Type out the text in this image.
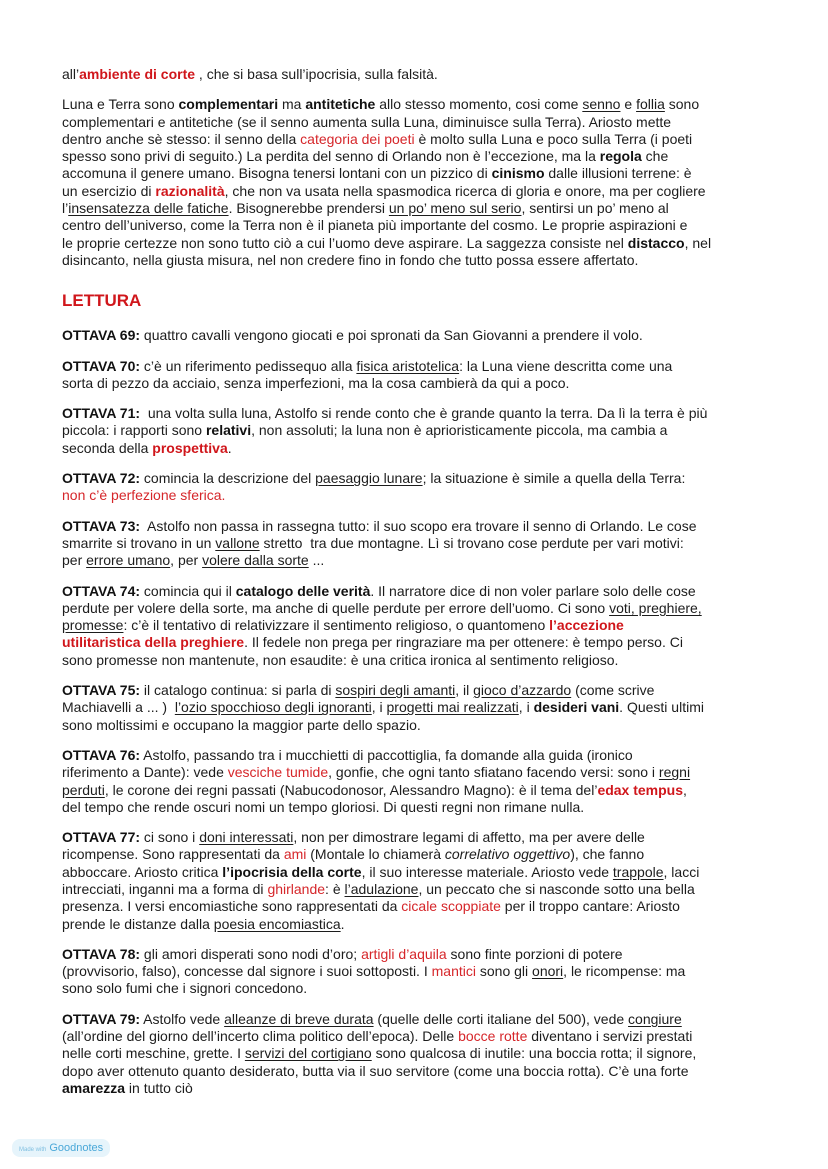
all’ambiente di corte , che si basa sull’ipocrisia, sulla falsità.
Luna e Terra sono complementari ma antitetiche allo stesso momento, cosi come senno e follia sono
complementari e antitetiche (se il senno aumenta sulla Luna, diminuisce sulla Terra). Ariosto mette
dentro anche sè stesso: il senno della categoria dei poeti è molto sulla Luna e poco sulla Terra (i poeti
spesso sono privi di seguito.) La perdita del senno di Orlando non è l’eccezione, ma la regola che
accomuna il genere umano. Bisogna tenersi lontani con un pizzico di cinismo dalle illusioni terrene: è
un esercizio di razionalità, che non va usata nella spasmodica ricerca di gloria e onore, ma per cogliere
l’insensatezza delle fatiche. Bisognerebbe prendersi un po’ meno sul serio, sentirsi un po’ meno al
centro dell’universo, come la Terra non è il pianeta più importante del cosmo. Le proprie aspirazioni e
le proprie certezze non sono tutto ciò a cui l’uomo deve aspirare. La saggezza consiste nel distacco, nel
disincanto, nella giusta misura, nel non credere fino in fondo che tutto possa essere affertato.
LETTURA
OTTAVA 69: quattro cavalli vengono giocati e poi spronati da San Giovanni a prendere il volo.
OTTAVA 70: c’è un riferimento pedissequo alla fisica aristotelica: la Luna viene descritta come una
sorta di pezzo da acciaio, senza imperfezioni, ma la cosa cambierà da qui a poco.
OTTAVA 71:  una volta sulla luna, Astolfo si rende conto che è grande quanto la terra. Da lì la terra è più
piccola: i rapporti sono relativi, non assoluti; la luna non è aprioristicamente piccola, ma cambia a
seconda della prospettiva.
OTTAVA 72: comincia la descrizione del paesaggio lunare; la situazione è simile a quella della Terra:
non c’è perfezione sferica.
OTTAVA 73:  Astolfo non passa in rassegna tutto: il suo scopo era trovare il senno di Orlando. Le cose
smarrite si trovano in un vallone stretto  tra due montagne. Lì si trovano cose perdute per vari motivi:
per errore umano, per volere dalla sorte ...
OTTAVA 74: comincia qui il catalogo delle verità. Il narratore dice di non voler parlare solo delle cose
perdute per volere della sorte, ma anche di quelle perdute per errore dell’uomo. Ci sono voti, preghiere,
promesse: c’è il tentativo di relativizzare il sentimento religioso, o quantomeno l’accezione
utilitaristica della preghiere. Il fedele non prega per ringraziare ma per ottenere: è tempo perso. Ci
sono promesse non mantenute, non esaudite: è una critica ironica al sentimento religioso.
OTTAVA 75: il catalogo continua: si parla di sospiri degli amanti, il gioco d’azzardo (come scrive
Machiavelli a ... )  l’ozio spocchioso degli ignoranti, i progetti mai realizzati, i desideri vani. Questi ultimi
sono moltissimi e occupano la maggior parte dello spazio.
OTTAVA 76: Astolfo, passando tra i mucchietti di paccottiglia, fa domande alla guida (ironico
riferimento a Dante): vede vesciche tumide, gonfie, che ogni tanto sfiatano facendo versi: sono i regni
perduti, le corone dei regni passati (Nabucodonosor, Alessandro Magno): è il tema del’edax tempus,
del tempo che rende oscuri nomi un tempo gloriosi. Di questi regni non rimane nulla.
OTTAVA 77: ci sono i doni interessati, non per dimostrare legami di affetto, ma per avere delle
ricompense. Sono rappresentati da ami (Montale lo chiamerà correlativo oggettivo), che fanno
abboccare. Ariosto critica l’ipocrisia della corte, il suo interesse materiale. Ariosto vede trappole, lacci
intrecciati, inganni ma a forma di ghirlande: è l’adulazione, un peccato che si nasconde sotto una bella
presenza. I versi encomiastiche sono rappresentati da cicale scoppiate per il troppo cantare: Ariosto
prende le distanze dalla poesia encomiastica.
OTTAVA 78: gli amori disperati sono nodi d’oro; artigli d’aquila sono finte porzioni di potere
(provvisorio, falso), concesse dal signore i suoi sottoposti. I mantici sono gli onori, le ricompense: ma
sono solo fumi che i signori concedono.
OTTAVA 79: Astolfo vede alleanze di breve durata (quelle delle corti italiane del 500), vede congiure
(all’ordine del giorno dell’incerto clima politico dell’epoca). Delle bocce rotte diventano i servizi prestati
nelle corti meschine, grette. I servizi del cortigiano sono qualcosa di inutile: una boccia rotta; il signore,
dopo aver ottenuto quanto desiderato, butta via il suo servitore (come una boccia rotta). C’è una forte
amarezza in tutto ciò
Made with Goodnotes
